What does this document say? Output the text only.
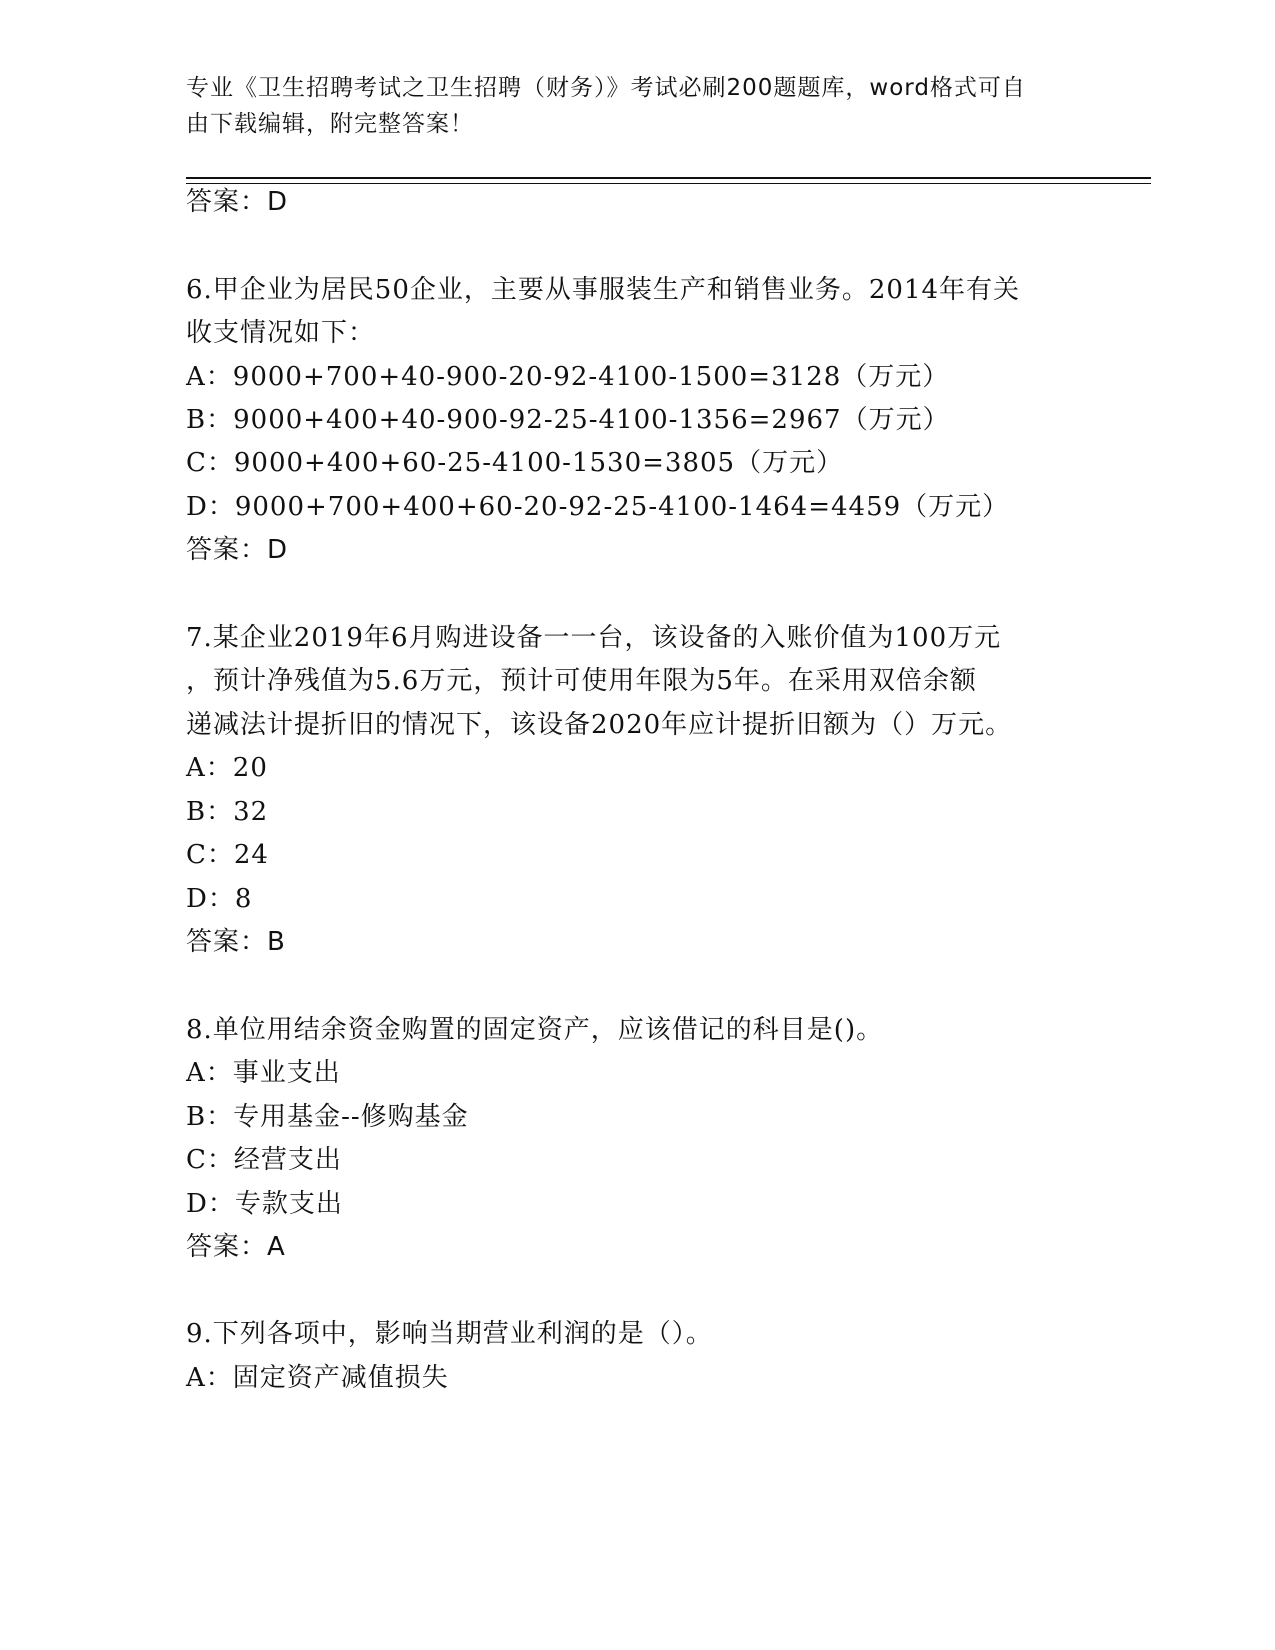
专业《卫生招聘考试之卫生招聘（财务）》考试必刷200题题库，word格式可自
由下载编辑，附完整答案！
答案：D
6.甲企业为居民50企业，主要从事服装生产和销售业务。2014年有关
收支情况如下：
A：9000+700+40-900-20-92-4100-1500=3128（万元）
B：9000+400+40-900-92-25-4100-1356=2967（万元）
C：9000+400+60-25-4100-1530=3805（万元）
D：9000+700+400+60-20-92-25-4100-1464=4459（万元）
答案：D
7.某企业2019年6月购进设备一一台，该设备的入账价值为100万元
，预计净残值为5.6万元，预计可使用年限为5年。在采用双倍余额
递减法计提折旧的情况下，该设备2020年应计提折旧额为（）万元。
A：20
B：32
C：24
D：8
答案：B
8.单位用结余资金购置的固定资产，应该借记的科目是()。
A：事业支出
B：专用基金--修购基金
C：经营支出
D：专款支出
答案：A
9.下列各项中，影响当期营业利润的是（）。
A：固定资产减值损失
